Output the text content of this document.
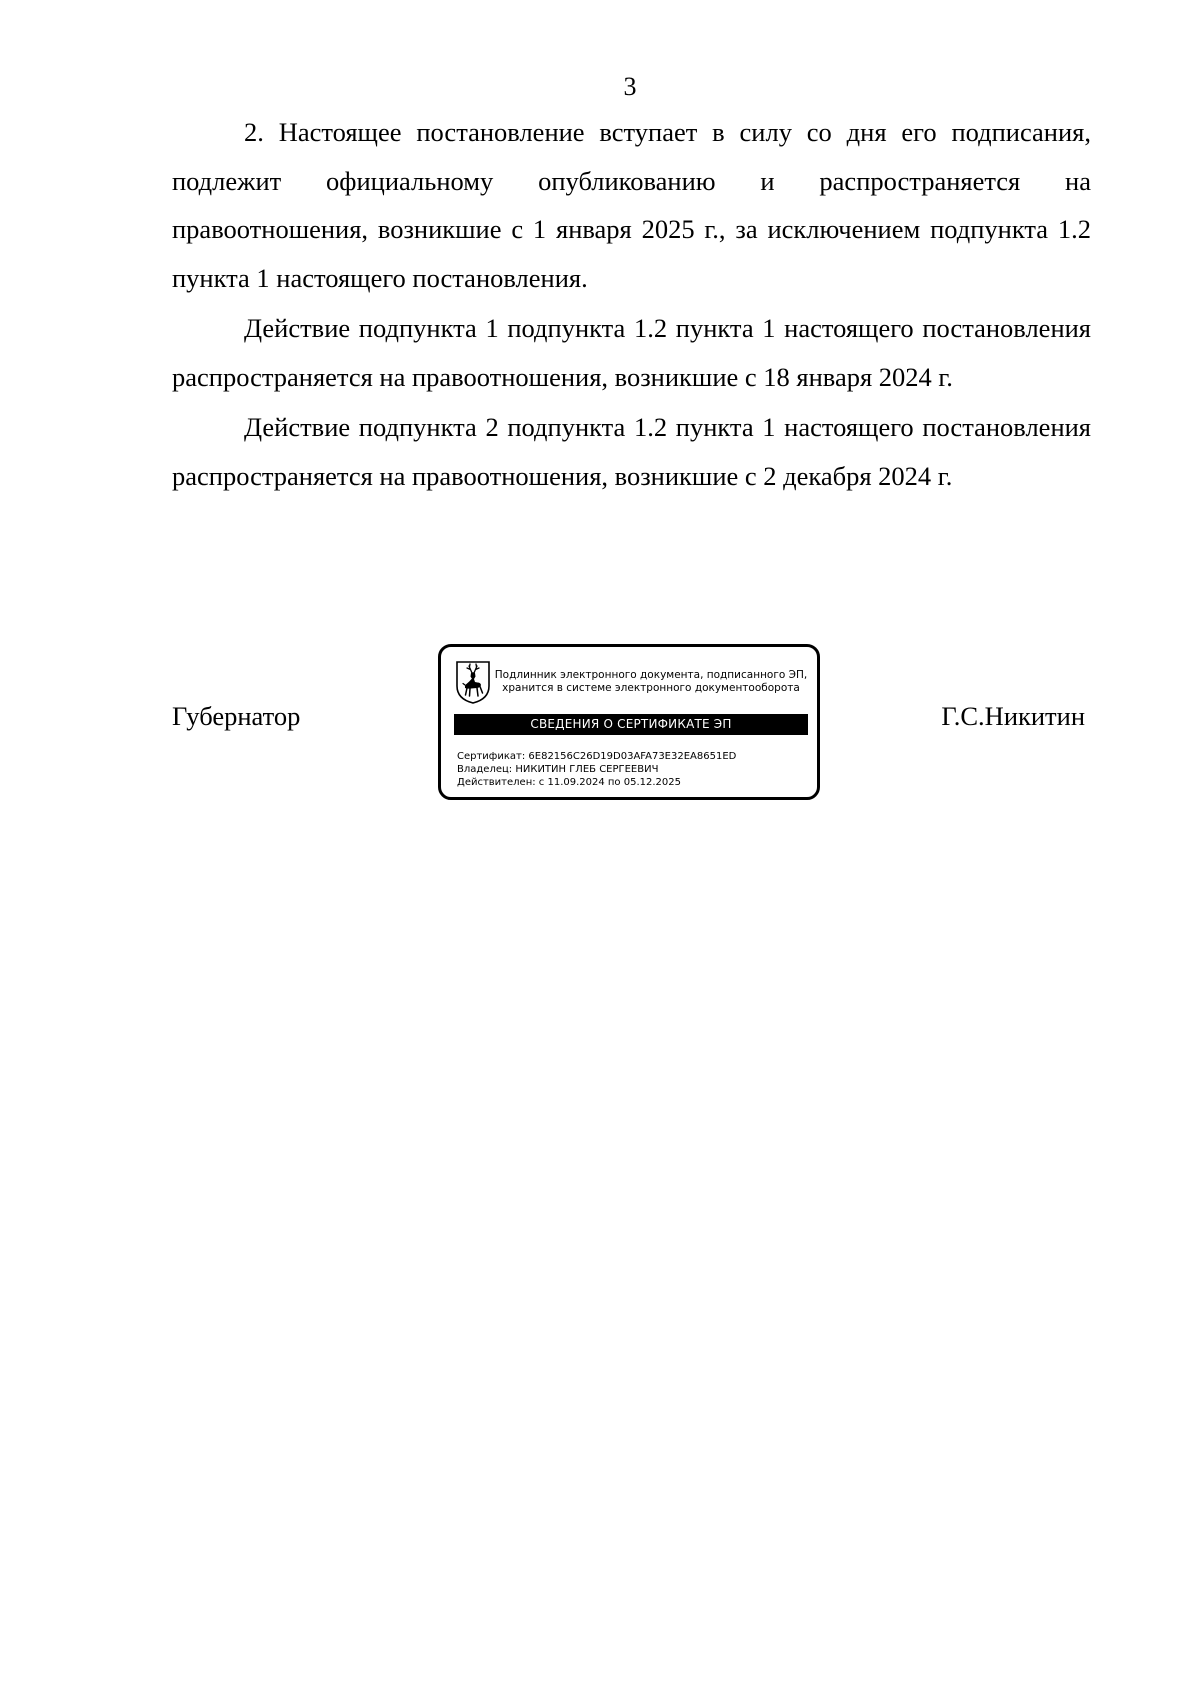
3

2. Настоящее постановление вступает в силу со дня его подписания, подлежит официальному опубликованию и распространяется на правоотношения, возникшие с 1 января 2025 г., за исключением подпункта 1.2 пункта 1 настоящего постановления.

Действие подпункта 1 подпункта 1.2 пункта 1 настоящего постановления распространяется на правоотношения, возникшие с 18 января 2024 г.

Действие подпункта 2 подпункта 1.2 пункта 1 настоящего постановления распространяется на правоотношения, возникшие с 2 декабря 2024 г.

Губернатор	Г.С.Никитин
Подлинник электронного документа, подписанного ЭП,
хранится в системе электронного документооборота
СВЕДЕНИЯ О СЕРТИФИКАТЕ ЭП
Сертификат: 6E82156C26D19D03AFA73E32EA8651ED
Владелец: НИКИТИН ГЛЕБ СЕРГЕЕВИЧ
Действителен: с 11.09.2024 по 05.12.2025
